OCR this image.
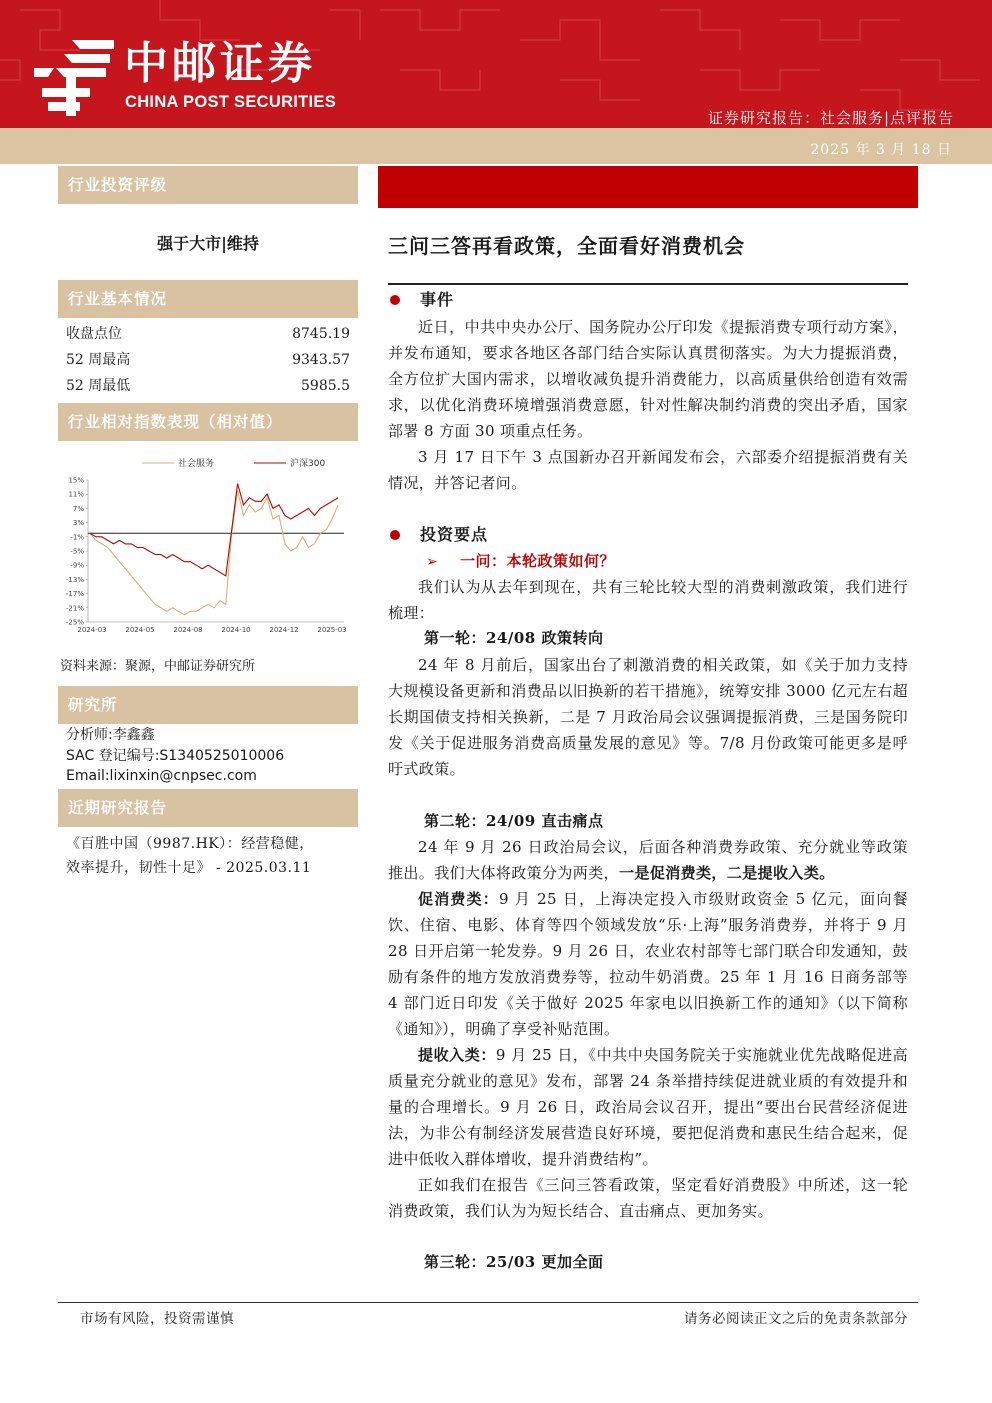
中邮证券
CHINA POST SECURITIES
证券研究报告：社会服务|点评报告
2025 年 3 月 18 日
行业投资评级
强于大市|维持
行业基本情况
收盘点位	8745.19
52 周最高	9343.57
52 周最低	5985.5
行业相对指数表现（相对值）
社会服务	沪深300
15%
11%
7%
3%
-1%
-5%
-9%
-13%
-17%
-21%
-25%
2024-03	2024-05	2024-08	2024-10	2024-12	2025-03
资料来源：聚源，中邮证券研究所
研究所
分析师:李鑫鑫
SAC 登记编号:S1340525010006
Email:lixinxin@cnpsec.com
近期研究报告
《百胜中国（9987.HK）：经营稳健，
效率提升，韧性十足》 - 2025.03.11
三问三答再看政策，全面看好消费机会
事件

近日，中共中央办公厅、国务院办公厅印发《提振消费专项行动方案》，并发布通知，要求各地区各部门结合实际认真贯彻落实。为大力提振消费，全方位扩大国内需求，以增收减负提升消费能力，以高质量供给创造有效需求，以优化消费环境增强消费意愿，针对性解决制约消费的突出矛盾，国家部署 8 方面 30 项重点任务。

3 月 17 日下午 3 点国新办召开新闻发布会，六部委介绍提振消费有关情况，并答记者问。

投资要点
➢ 一问：本轮政策如何？

我们认为从去年到现在，共有三轮比较大型的消费刺激政策，我们进行梳理：

第一轮：24/08 政策转向

24 年 8 月前后，国家出台了刺激消费的相关政策，如《关于加力支持大规模设备更新和消费品以旧换新的若干措施》，统筹安排 3000 亿元左右超长期国债支持相关换新，二是 7 月政治局会议强调提振消费，三是国务院印发《关于促进服务消费高质量发展的意见》等。7/8 月份政策可能更多是呼吁式政策。

第二轮：24/09 直击痛点

24 年 9 月 26 日政治局会议，后面各种消费券政策、充分就业等政策推出。我们大体将政策分为两类，一是促消费类，二是提收入类。

促消费类：9 月 25 日，上海决定投入市级财政资金 5 亿元，面向餐饮、住宿、电影、体育等四个领域发放“乐·上海”服务消费券，并将于 9 月 28 日开启第一轮发券。9 月 26 日，农业农村部等七部门联合印发通知，鼓励有条件的地方发放消费券等，拉动牛奶消费。25 年 1 月 16 日商务部等 4 部门近日印发《关于做好 2025 年家电以旧换新工作的通知》（以下简称《通知》），明确了享受补贴范围。

提收入类：9 月 25 日，《中共中央国务院关于实施就业优先战略促进高质量充分就业的意见》发布，部署 24 条举措持续促进就业质的有效提升和量的合理增长。9 月 26 日，政治局会议召开，提出“要出台民营经济促进法，为非公有制经济发展营造良好环境，要把促消费和惠民生结合起来，促进中低收入群体增收，提升消费结构”。

正如我们在报告《三问三答看政策，坚定看好消费股》中所述，这一轮消费政策，我们认为为短长结合、直击痛点、更加务实。

第三轮：25/03 更加全面
市场有风险，投资需谨慎	请务必阅读正文之后的免责条款部分
